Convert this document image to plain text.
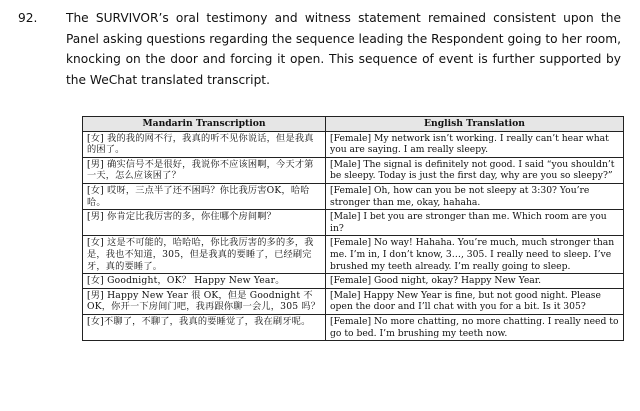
92. The SURVIVOR’s oral testimony and witness statement remained consistent upon the Panel asking questions regarding the sequence leading the Respondent going to her room, knocking on the door and forcing it open. This sequence of event is further supported by the WeChat translated transcript.
Mandarin Transcription	English Translation
[女] 我的我的网不行，我真的听不见你说话，但是我真的困了。	[Female] My network isn’t working. I really can’t hear what you are saying. I am really sleepy.
[男] 确实信号不是很好，我说你不应该困啊，今天才第一天，怎么应该困了？	[Male] The signal is definitely not good. I said “you shouldn’t be sleepy. Today is just the first day, why are you so sleepy?”
[女] 哎呀，三点半了还不困吗？你比我厉害OK，哈哈哈。	[Female] Oh, how can you be not sleepy at 3:30? You’re stronger than me, okay, hahaha.
[男] 你肯定比我厉害的多，你住哪个房间啊？	[Male] I bet you are stronger than me. Which room are you in?
[女] 这是不可能的，哈哈哈，你比我厉害的多的多，我是，我也不知道，305，但是我真的要睡了，已经刷完牙，真的要睡了。	[Female] No way! Hahaha. You’re much, much stronger than me. I’m in, I don’t know, 3…, 305. I really need to sleep. I’ve brushed my teeth already. I’m really going to sleep.
[女] Goodnight，OK？ Happy New Year。	[Female] Good night, okay? Happy New Year.
[男] Happy New Year 很 OK，但是 Goodnight 不OK，你开一下房间门吧，我再跟你聊一会儿，305 吗？	[Male] Happy New Year is fine, but not good night. Please open the door and I’ll chat with you for a bit. Is it 305?
[女]不聊了，不聊了，我真的要睡觉了，我在刷牙呢。	[Female] No more chatting, no more chatting. I really need to go to bed. I’m brushing my teeth now.
